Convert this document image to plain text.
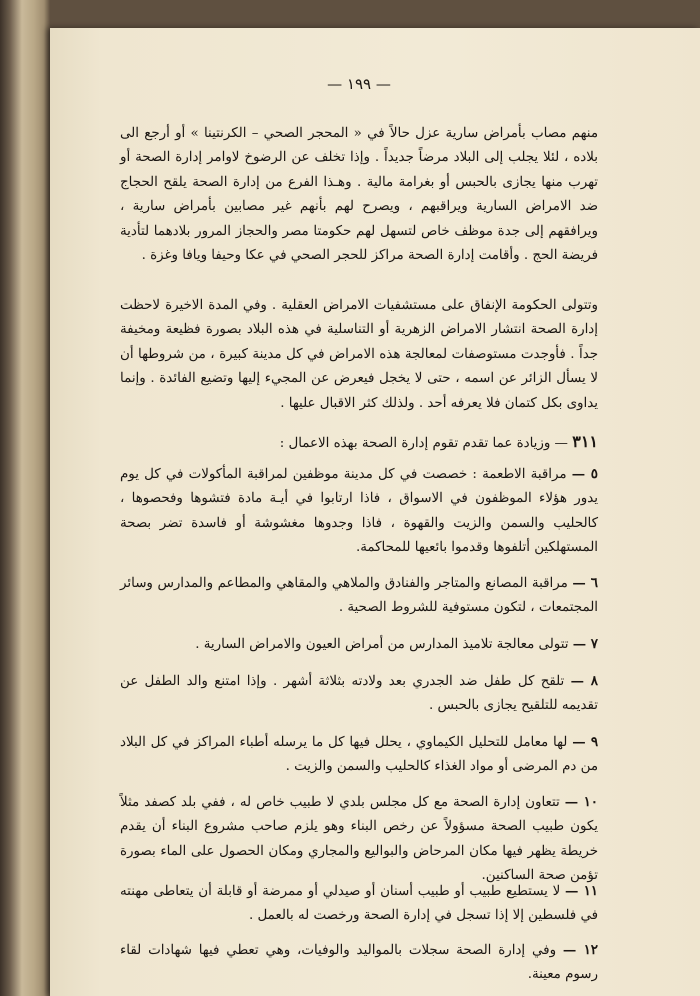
— ١٩٩ —

منهم مصاب بأمراض سارية عزل حالاً في « المحجر الصحي – الكرنتينا » أو أرجع الى بلاده ، لئلا يجلب إلى البلاد مرضاً جديداً . وإذا تخلف عن الرضوخ لاوامر إدارة الصحة أو تهرب منها يجازى بالحبس أو بغرامة مالية . وهـذا الفرع من إدارة الصحة يلقح الحجاج ضد الامراض السارية ويراقبهم ، ويصرح لهم بأنهم غير مصابين بأمراض سارية ، ويرافقهم إلى جدة موظف خاص لتسهل لهم حكومتا مصر والحجاز المرور بلادهما لتأدية فريضة الحج . وأقامت إدارة الصحة مراكز للحجر الصحي في عكا وحيفا ويافا وغزة .

وتتولى الحكومة الإنفاق على مستشفيات الامراض العقلية . وفي المدة الاخيرة لاحظت إدارة الصحة انتشار الامراض الزهرية أو التناسلية في هذه البلاد بصورة فظيعة ومخيفة جداً . فأوجدت مستوصفات لمعالجة هذه الامراض في كل مدينة كبيرة ، من شروطها أن لا يسأل الزائر عن اسمه ، حتى لا يخجل فيعرض عن المجيء إليها وتضيع الفائدة . وإنما يداوى بكل كتمان فلا يعرفه أحد . ولذلك كثر الاقبال عليها .

٣١١ — وزيادة عما تقدم تقوم إدارة الصحة بهذه الاعمال :

٥ — مراقبة الاطعمة : خصصت في كل مدينة موظفين لمراقبة المأكولات في كل يوم يدور هؤلاء الموظفون في الاسواق ، فاذا ارتابوا في أيـة مادة فتشوها وفحصوها ، كالحليب والسمن والزيت والقهوة ، فاذا وجدوها مغشوشة أو فاسدة تضر بصحة المستهلكين أتلفوها وقدموا بائعيها للمحاكمة.

٦ — مراقبة المصانع والمتاجر والفنادق والملاهي والمقاهي والمطاعم والمدارس وسائر المجتمعات ، لتكون مستوفية للشروط الصحية .

٧ — تتولى معالجة تلاميذ المدارس من أمراض العيون والامراض السارية .

٨ — تلقح كل طفل ضد الجدري بعد ولادته بثلاثة أشهر . وإذا امتنع والد الطفل عن تقديمه للتلقيح يجازى بالحبس .

٩ — لها معامل للتحليل الكيماوي ، يحلل فيها كل ما يرسله أطباء المراكز في كل البلاد من دم المرضى أو مواد الغذاء كالحليب والسمن والزيت .

١٠ — تتعاون إدارة الصحة مع كل مجلس بلدي لا طبيب خاص له ، ففي بلد كصفد مثلاً يكون طبيب الصحة مسؤولاً عن رخص البناء وهو يلزم صاحب مشروع البناء أن يقدم خريطة يظهر فيها مكان المرحاض والبواليع والمجاري ومكان الحصول على الماء بصورة تؤمن صحة الساكنين.

١١ — لا يستطيع طبيب أو طبيب أسنان أو صيدلي أو ممرضة أو قابلة أن يتعاطى مهنته في فلسطين إلا إذا تسجل في إدارة الصحة ورخصت له بالعمل .

١٢ — وفي إدارة الصحة سجلات بالمواليد والوفيات، وهي تعطي فيها شهادات لقاء رسوم معينة.
